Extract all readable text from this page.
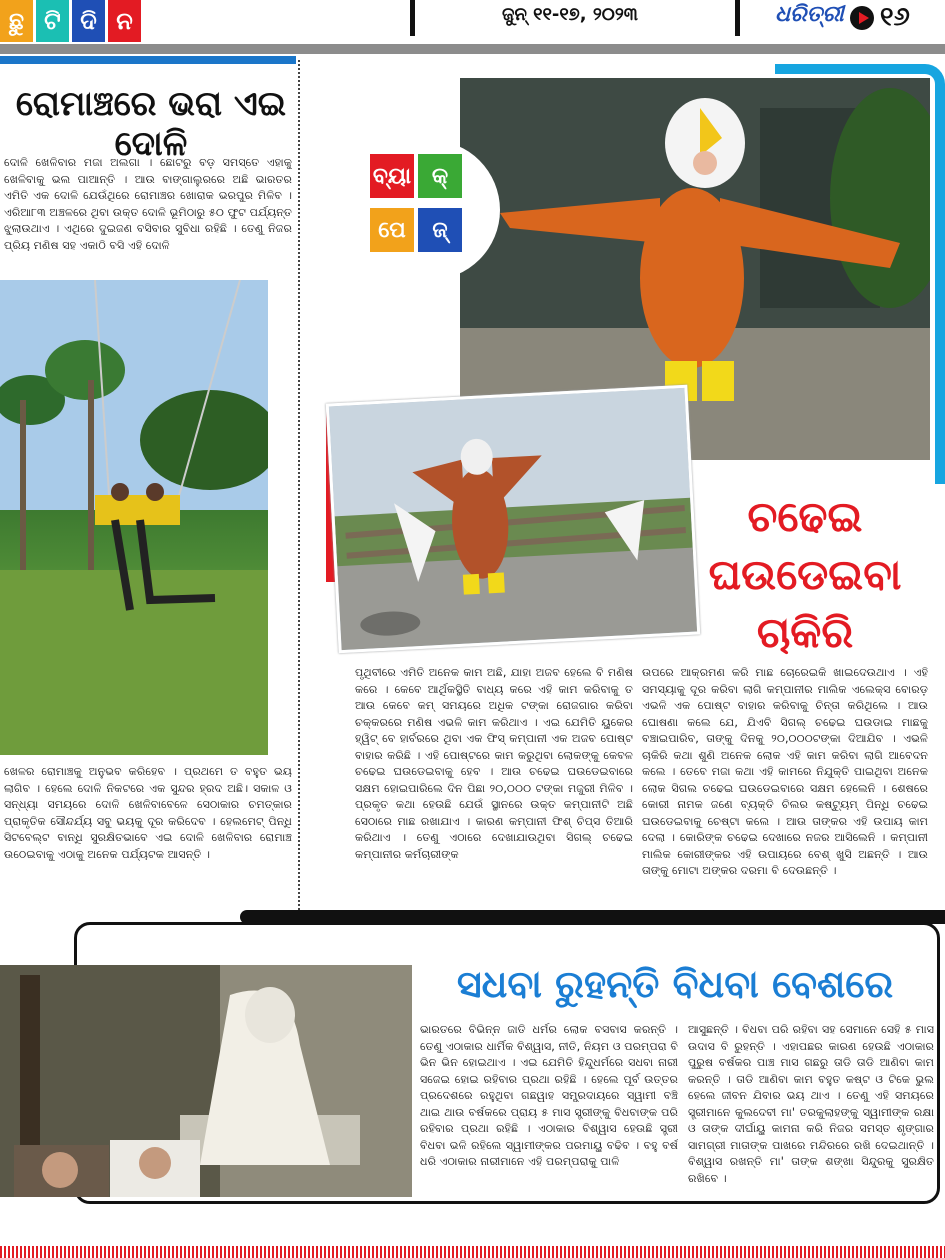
ଛୁ ଟି ଦି ନ	ଜୁନ୍ ୧୧-୧୭, ୨୦୨୩	ଧରିତ୍ରୀ ୧୬
ରୋମାଞ୍ଚରେ ଭରା ଏଇ ଦୋଳି
ଦୋଳି ଖେଳିବାର ମଜା ଅଲଗା । ଛୋଟରୁ ବଡ଼ ସମସ୍ତେ ଏହାକୁ ଖେଳିବାକୁ ଭଲ ପାଆନ୍ତି । ଆଉ ବାଙ୍ଗାଲୁରରେ ଅଛି ଭାରତର ଏମିତି ଏକ ଦୋଳି ଯେଉଁଥିରେ ରୋମାଞ୍ଚର ଖୋରାକ ଭରପୁର ମିଳିବ । ଏରିଆ୮୩ ଅଞ୍ଚଳରେ ଥିବା ଉକ୍ତ ଦୋଳି ଭୂମିଠାରୁ ୫୦ ଫୁଟ ପର୍ଯ୍ୟନ୍ତ ଝୁଲାଉଥାଏ । ଏଥିରେ ଦୁଇଜଣ ବସିବାର ସୁବିଧା ରହିଛି । ତେଣୁ ନିଜର ପ୍ରିୟ ମଣିଷ ସହ ଏକାଠି ବସି ଏହି ଦୋଳି
ଖେଳର ରୋମାଞ୍ଚକୁ ଅନୁଭବ କରିହେବ । ପ୍ରଥମେ ତ ବହୁତ ଭୟ ଲାଗିବ । ହେଲେ ଦୋଳି ନିକଟରେ ଏକ ସୁନ୍ଦର ହ୍ରଦ ଅଛି। ସକାଳ ଓ ସନ୍ଧ୍ୟା ସମୟରେ ଦୋଳି ଖେଳିବାବେଳେ ସେଠାକାର ଚମତ୍କାର ପ୍ରାକୃତିକ ସୌନ୍ଦର୍ଯ୍ୟ ସବୁ ଭୟକୁ ଦୂର କରିଦେବ । ହେଲମେଟ୍ ପିନ୍ଧି ସିଟବେଲ୍ଟ ବାନ୍ଧି ସୁରକ୍ଷିତଭାବେ ଏଇ ଦୋଳି ଖେଳିବାର ରୋମାଞ୍ଚ ଉଠେଇବାକୁ ଏଠାକୁ ଅନେକ ପର୍ଯ୍ୟଟକ ଆସନ୍ତି ।
ବ୍ୟା କ୍
ପେ	ଜ୍
ଚଢେଇ
ଘଉଡେଇବା
ଚାକିରି
ପୃଥିବୀରେ ଏମିତି ଅନେକ କାମ ଅଛି, ଯାହା ଅଜବ ହେଲେ ବି ମଣିଷ କରେ । କେବେ ଆର୍ଥିକସ୍ଥିତି ବାଧ୍ୟ କରେ ଏହି କାମ କରିବାକୁ ତ ଆଉ କେବେ କମ୍ ସମୟରେ ଅଧିକ ଟଙ୍କା ରୋଜଗାର କରିବା ଚକ୍କରରେ ମଣିଷ ଏଭଳି କାମ କରିଥାଏ । ଏଇ ଯେମିତି ୟୁକେର ହ୍ୱିଟ୍ ବେ ହାର୍ବରରେ ଥିବା ଏକ ଫିସ୍ କମ୍ପାନୀ ଏକ ଅଜବ ପୋଷ୍ଟ ବାହାର କରିଛି । ଏହି ପୋଷ୍ଟରେ କାମ କରୁଥିବା ଲୋକଙ୍କୁ କେବଳ ଚଢେଇ ଘଉଡେଇବାକୁ ହେବ । ଆଉ ଚଢେଇ ଘଉଡେଇବାରେ ସକ୍ଷମ ହୋଇପାରିଲେ ଦିନ ପିଛା ୨୦,୦୦୦ ଟଙ୍କା ମଜୁରୀ ମିଳିବ । ପ୍ରକୃତ କଥା ହେଉଛି ଯେଉଁ ସ୍ଥାନରେ ଉକ୍ତ କମ୍ପାନୀଟି ଅଛି ସେଠାରେ ମାଛ ରଖାଯାଏ । କାରଣ କମ୍ପାନୀ ଫିଶ୍ ଚିପ୍ସ ତିଆରି କରିଥାଏ । ତେଣୁ ଏଠାରେ ଦେଖାଯାଉଥିବା ସିଗଲ୍ ଚଢେଇ କମ୍ପାନୀର କର୍ମଚାରୀଙ୍କ
ଉପରେ ଆକ୍ରମଣ କରି ମାଛ ଚୋରେଇକି ଖାଇଦେଉଥାଏ । ଏହି ସମସ୍ୟାକୁ ଦୂର କରିବା ଲାଗି କମ୍ପାନୀର ମାଲିକ ଏଲେକ୍ସ ବୋରଡ଼ ଏଭଳି ଏକ ପୋଷ୍ଟ ବାହାର କରିବାକୁ ଚିନ୍ତା କରିଥିଲେ । ଆଉ ଘୋଷଣା କଲେ ଯେ, ଯିଏବି ସିଗଲ୍ ଚଢେଇ ଘଉଡାଇ ମାଛକୁ ବଞ୍ଚାଇପାରିବ, ତାଙ୍କୁ ଦିନକୁ ୨୦,୦୦୦ଟଙ୍କା ଦିଆଯିବ । ଏଭଳି ଚାକିରି କଥା ଶୁଣି ଅନେକ ଲୋକ ଏହି କାମ କରିବା ଲାଗି ଆବେଦନ କଲେ । ତେବେ ମଜା କଥା ଏହି କାମରେ ନିଯୁକ୍ତି ପାଇଥିବା ଅନେକ ଲୋକ ସିଗଲ ଚଢେଇ ଘଉଡେଇବାରେ ସକ୍ଷମ ହେଲେନି । ଶେଷରେ କୋରୀ ନାମକ ଜଣେ ବ୍ୟକ୍ତି ଚିଲର କଷ୍ଟ୍ୟୁମ୍ ପିନ୍ଧି ଚଢେଇ ଘଉଡେଇବାକୁ ଚେଷ୍ଟା କଲେ । ଆଉ ତାଙ୍କର ଏହି ଉପାୟ କାମ ଦେଲା । କୋରିଙ୍କ ଚଢେଇ ଦେଖାରେ ନଜର ଆସିଲେନି । କମ୍ପାନୀ ମାଲିକ କୋରୀଙ୍କର ଏହି ଉପାୟରେ ବେଶ୍ ଖୁସି ଅଛନ୍ତି । ଆଉ ତାଙ୍କୁ ମୋଟା ଅଙ୍କର ଦରମା ବି ଦେଉଛନ୍ତି ।
ସଧବା ରୁହନ୍ତି ବିଧବା ବେଶରେ
ଭାରତରେ ବିଭିନ୍ନ ଜାତି ଧର୍ମର ଲୋକ ବସବାସ କରନ୍ତି । ତେଣୁ ଏଠାକାର ଧାର୍ମିକ ବିଶ୍ୱାସ, ନୀତି, ନିୟମ ଓ ପରମ୍ପରା ବି ଭିନ ଭିନ ହୋଇଥାଏ । ଏଇ ଯେମିତି ହିନ୍ଦୁଧର୍ମରେ ସଧବା ନାରୀ ସଜେଇ ହୋଇ ରହିବାର ପ୍ରଥା ରହିଛି । ହେଲେ ପୂର୍ବ ଉତ୍ତର ପ୍ରଦେଶରେ ରହୁଥିବା ଗଛୱାହ ସମ୍ପ୍ରଦାୟରେ ସ୍ୱାମୀ ବଞ୍ଚି ଥାଇ ଥାଉ ବର୍ଷକରେ ପ୍ରାୟ ୫ ମାସ ସ୍ତ୍ରୀଙ୍କୁ ବିଧବାଙ୍କ ପରି ରହିବାର ପ୍ରଥା ରହିଛି । ଏଠାକାର ବିଶ୍ୱାସ ହେଉଛି ସ୍ତ୍ରୀ ବିଧବା ଭଳି ରହିଲେ ସ୍ୱାମୀଙ୍କର ପରମାୟୁ ବଢିବ । ବହୁ ବର୍ଷ ଧରି ଏଠାକାର ନାରୀମାନେ ଏହି ପରମ୍ପରାକୁ ପାଳି
ଆସୁଛନ୍ତି । ବିଧବା ପରି ରହିବା ସହ ସେମାନେ ସେହି ୫ ମାସ ଉଦାସ ବି ରୁହନ୍ତି । ଏହାପଛର କାରଣ ହେଉଛି ଏଠାକାର ପୁରୁଷ ବର୍ଷକର ପାଞ୍ଚ ମାସ ଗଛରୁ ତାଡି ତାଡି ଆଣିବା କାମ କରନ୍ତି । ତାଡି ଆଣିବା କାମ ବହୁତ କଷ୍ଟ ଓ ଟିକେ ଭୁଲ ହେଲେ ଜୀବନ ଯିବାର ଭୟ ଥାଏ । ତେଣୁ ଏହି ସମୟରେ ସ୍ତ୍ରୀମାନେ କୁଲଦେବୀ ମା' ତରକୁଲାହଙ୍କୁ ସ୍ୱାମୀଙ୍କ ରକ୍ଷା ଓ ତାଙ୍କ ଦୀର୍ଘାୟୁ କାମନା କରି ନିଜର ସମସ୍ତ ଶୃଙ୍ଗାର ସାମଗ୍ରୀ ମାତାଙ୍କ ପାଖରେ ମନ୍ଦିରରେ ରଖି ଦେଇଥାନ୍ତି । ବିଶ୍ୱାସ ରଖନ୍ତି ମା' ତାଙ୍କ ଶଙ୍ଖା ସିନ୍ଦୁରକୁ ସୁରକ୍ଷିତ ରଖିବେ ।
